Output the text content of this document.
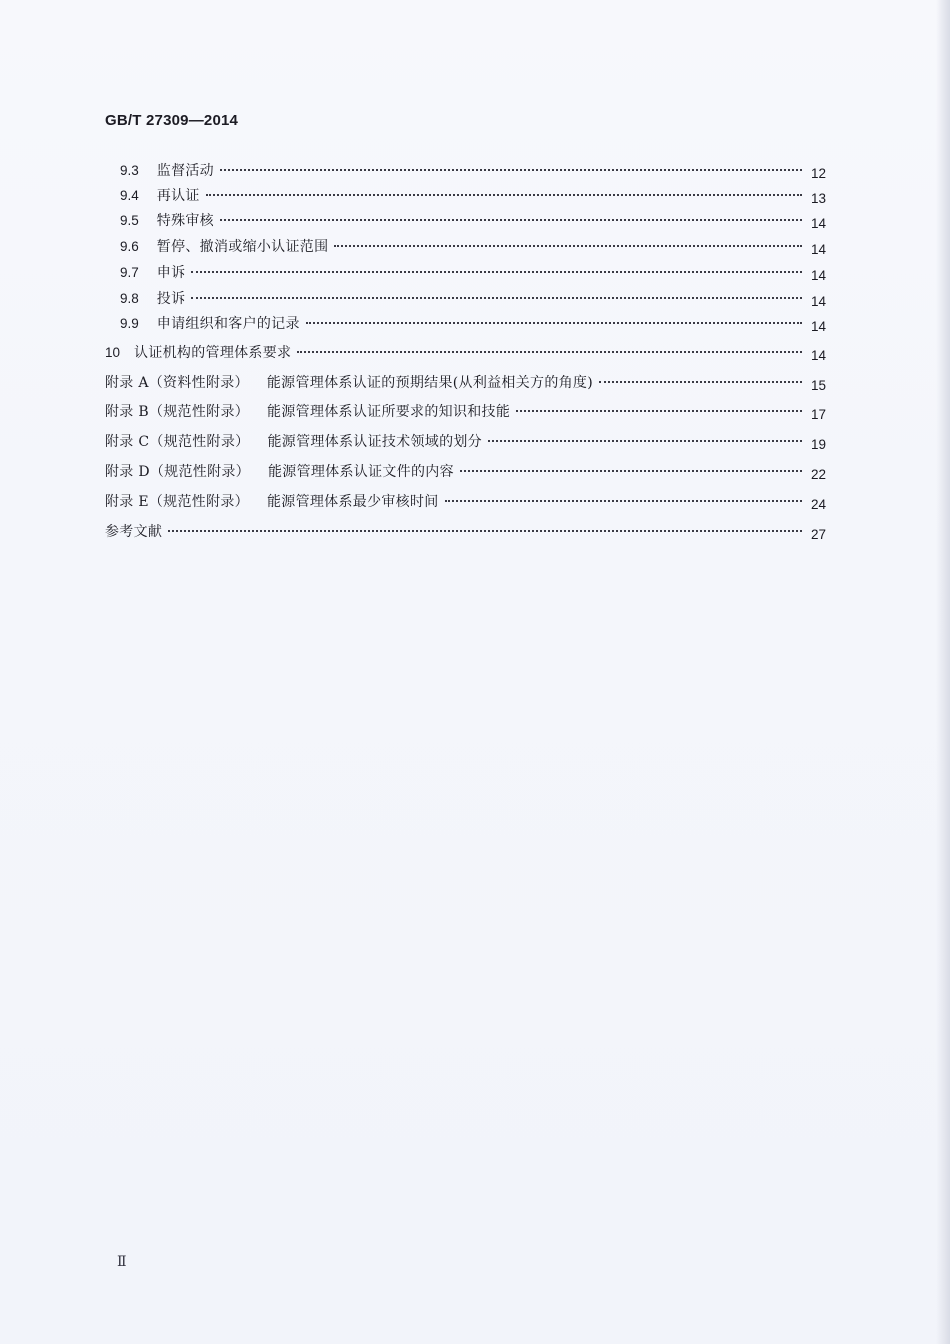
GB/T 27309—2014
9.3 监督活动	12
9.4 再认证	13
9.5 特殊审核	14
9.6 暂停、撤消或缩小认证范围	14
9.7 申诉	14
9.8 投诉	14
9.9 申请组织和客户的记录	14
10 认证机构的管理体系要求	14
附录 A（资料性附录） 能源管理体系认证的预期结果(从利益相关方的角度)	15
附录 B（规范性附录） 能源管理体系认证所要求的知识和技能	17
附录 C（规范性附录） 能源管理体系认证技术领域的划分	19
附录 D（规范性附录） 能源管理体系认证文件的内容	22
附录 E（规范性附录） 能源管理体系最少审核时间	24
参考文献	27
Ⅱ
